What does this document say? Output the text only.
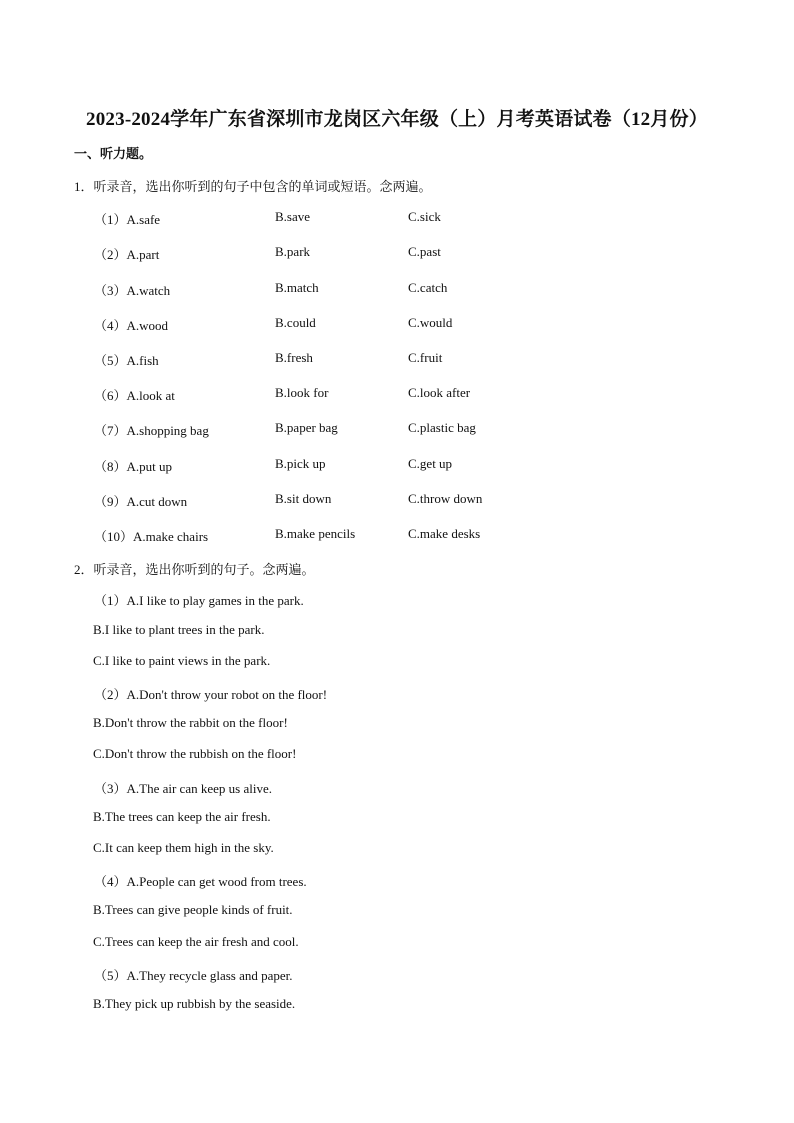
2023-2024学年广东省深圳市龙岗区六年级（上）月考英语试卷（12月份）
一、听力题。
1．听录音，选出你听到的句子中包含的单词或短语。念两遍。
（1）A.safe	B.save	C.sick
（2）A.part	B.park	C.past
（3）A.watch	B.match	C.catch
（4）A.wood	B.could	C.would
（5）A.fish	B.fresh	C.fruit
（6）A.look at	B.look for	C.look after
（7）A.shopping bag	B.paper bag	C.plastic bag
（8）A.put up	B.pick up	C.get up
（9）A.cut down	B.sit down	C.throw down
（10）A.make chairs	B.make pencils	C.make desks
2．听录音，选出你听到的句子。念两遍。
（1）A.I like to play games in the park.
B.I like to plant trees in the park.
C.I like to paint views in the park.
（2）A.Don't throw your robot on the floor!
B.Don't throw the rabbit on the floor!
C.Don't throw the rubbish on the floor!
（3）A.The air can keep us alive.
B.The trees can keep the air fresh.
C.It can keep them high in the sky.
（4）A.People can get wood from trees.
B.Trees can give people kinds of fruit.
C.Trees can keep the air fresh and cool.
（5）A.They recycle glass and paper.
B.They pick up rubbish by the seaside.
